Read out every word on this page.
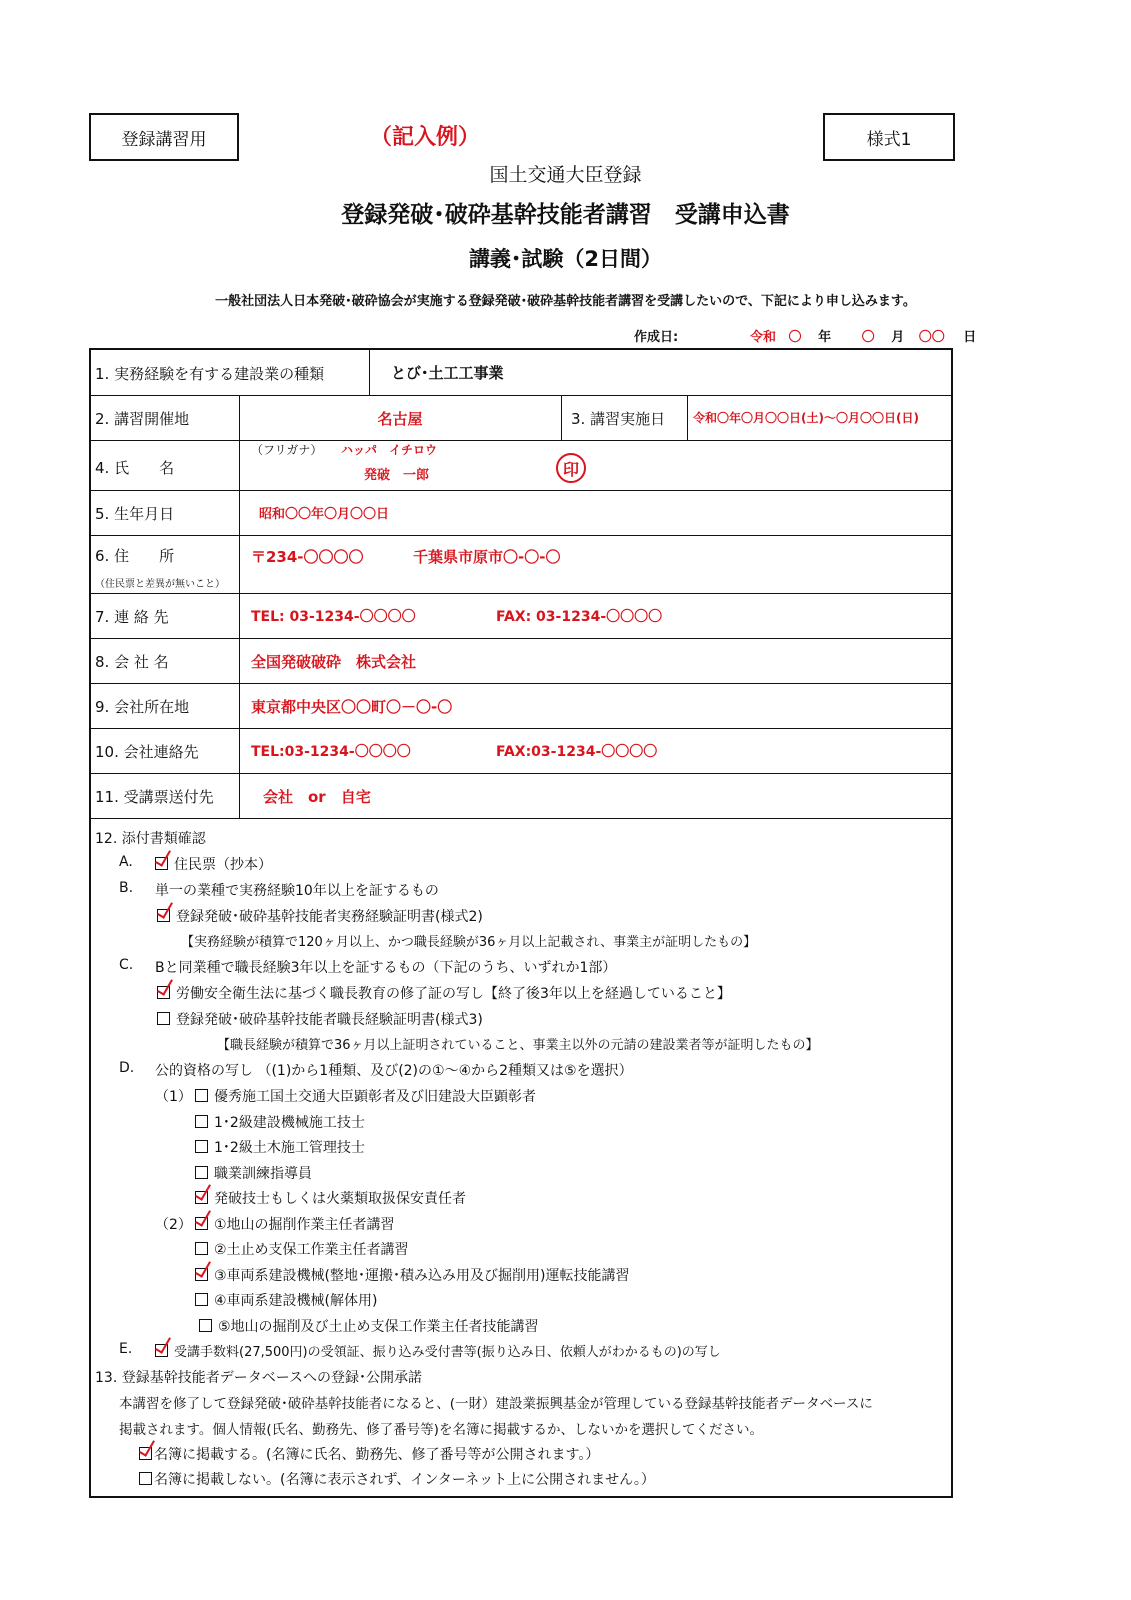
登録講習用	（記入例）	様式1
国土交通大臣登録
登録発破･破砕基幹技能者講習　受講申込書
講義･試験（2日間）
一般社団法人日本発破･破砕協会が実施する登録発破･破砕基幹技能者講習を受講したいので、下記により申し込みます。
作成日:	令和 〇 年 〇 月 〇〇 日
1. 実務経験を有する建設業の種類	とび･土工工事業
2. 講習開催地	名古屋	3. 講習実施日 令和〇年〇月〇〇日(土)～〇月〇〇日(日)
4. 氏　　名
（フリガナ） ハッパ　イチロウ
発破　一郎	印
5. 生年月日	昭和〇〇年〇月〇〇日
6. 住　　所
（住民票と差異が無いこと）
〒234-〇〇〇〇	千葉県市原市〇-〇-〇
7. 連 絡 先	TEL: 03-1234-〇〇〇〇	FAX: 03-1234-〇〇〇〇
8. 会 社 名	全国発破破砕　株式会社
9. 会社所在地	東京都中央区〇〇町〇－〇-〇
10. 会社連絡先	TEL:03-1234-〇〇〇〇	FAX:03-1234-〇〇〇〇
11. 受講票送付先	会社　or　自宅
12. 添付書類確認
A.	住民票（抄本）
B. 単一の業種で実務経験10年以上を証するもの
登録発破･破砕基幹技能者実務経験証明書(様式2)
【実務経験が積算で120ヶ月以上、かつ職長経験が36ヶ月以上記載され、事業主が証明したもの】
C. Bと同業種で職長経験3年以上を証するもの（下記のうち、いずれか1部）
労働安全衛生法に基づく職長教育の修了証の写し【終了後3年以上を経過していること】
登録発破･破砕基幹技能者職長経験証明書(様式3)
【職長経験が積算で36ヶ月以上証明されていること、事業主以外の元請の建設業者等が証明したもの】
D. 公的資格の写し （(1)から1種類、及び(2)の①～④から2種類又は⑤を選択）
（1）
（2）
優秀施工国土交通大臣顕彰者及び旧建設大臣顕彰者
1･2級建設機械施工技士
1･2級土木施工管理技士
職業訓練指導員
発破技士もしくは火薬類取扱保安責任者
①地山の掘削作業主任者講習
②土止め支保工作業主任者講習
③車両系建設機械(整地･運搬･積み込み用及び掘削用)運転技能講習
④車両系建設機械(解体用)
⑤地山の掘削及び土止め支保工作業主任者技能講習
E.	受講手数料(27,500円)の受領証、振り込み受付書等(振り込み日、依頼人がわかるもの)の写し
13. 登録基幹技能者データベースへの登録･公開承諾
本講習を修了して登録発破･破砕基幹技能者になると、(一財）建設業振興基金が管理している登録基幹技能者データベースに
掲載されます。個人情報(氏名、勤務先、修了番号等)を名簿に掲載するか、しないかを選択してください。
名簿に掲載する。(名簿に氏名、勤務先、修了番号等が公開されます。）
名簿に掲載しない。(名簿に表示されず、インターネット上に公開されません。）
